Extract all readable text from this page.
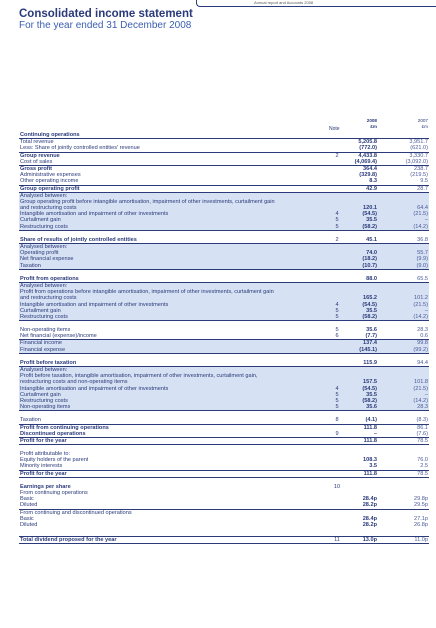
Annual report and Accounts 2008
Consolidated income statement
For the year ended 31 December 2008
2008
£m
2007
£m
Note
Continuing operations
Total revenue	5,205.8	3,951.7
Less: Share of jointly controlled entities' revenue	(772.0)	(621.0)
Group revenue	2	4,433.8	3,330.7
Cost of sales	(4,069.4)	(3,092.0)
Gross profit	364.4	238.7
Administrative expenses	(329.8)	(219.5)
Other operating income	8.3	9.5
Group operating profit	42.9	28.7
Analysed between:
Group operating profit before intangible amortisation, impairment of other investments, curtailment gain
and restructuring costs	120.1	64.4
Intangible amortisation and impairment of other investments	4	(54.5)	(21.5)
Curtailment gain	5	35.5	–
Restructuring costs	5	(58.2)	(14.2)
Share of results of jointly controlled entities	2	45.1	36.8
Analysed between:
Operating profit	74.0	55.7
Net financial expense	(18.2)	(9.9)
Taxation	(10.7)	(9.0)
Profit from operations	88.0	65.5
Analysed between:
Profit from operations before intangible amortisation, impairment of other investments, curtailment gain
and restructuring costs	165.2	101.2
Intangible amortisation and impairment of other investments	4	(54.5)	(21.5)
Curtailment gain	5	35.5	–
Restructuring costs	5	(58.2)	(14.2)
Non-operating items	5	35.6	28.3
Net financial (expense)/income	6	(7.7)	0.6
Financial income	137.4	99.8
Financial expense	(145.1)	(99.2)
Profit before taxation	115.9	94.4
Analysed between:
Profit before taxation, intangible amortisation, impairment of other investments, curtailment gain,
restructuring costs and non-operating items	157.5	101.8
Intangible amortisation and impairment of other investments	4	(54.5)	(21.5)
Curtailment gain	5	35.5	–
Restructuring costs	5	(58.2)	(14.2)
Non-operating items	5	35.6	28.3
Taxation	8	(4.1)	(8.3)
Profit from continuing operations	111.8	86.1
Discontinued operations	9	–	(7.6)
Profit for the year	111.8	78.5
Profit attributable to:
Equity holders of the parent	108.3	76.0
Minority interests	3.5	2.5
Profit for the year	111.8	78.5
Earnings per share	10
From continuing operations
Basic	28.4p	29.8p
Diluted	28.2p	29.5p
From continuing and discontinued operations
Basic	28.4p	27.1p
Diluted	28.2p	26.8p
Total dividend proposed for the year	11	13.0p	11.0p
